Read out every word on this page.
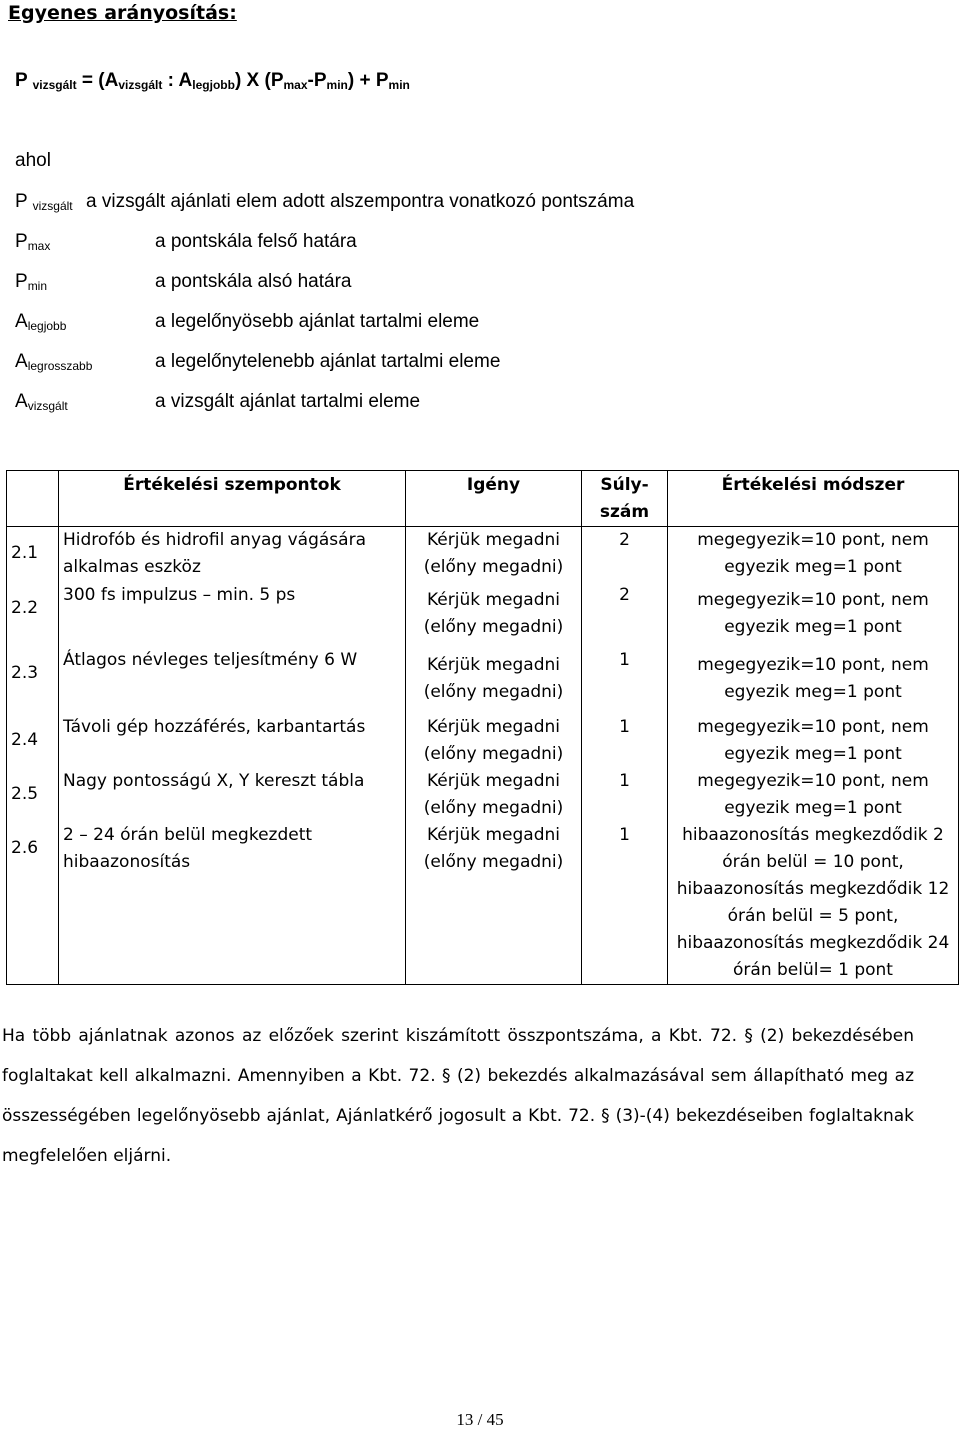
Egyenes arányosítás:
P $_{vizsgált} = (A_{vizsgált}$ : $A_{legjobb}$) X $(P_{max}-P_{min}) + P_{min}$
ahol
P $_{vizsgált}$ a vizsgált ajánlati elem adott alszempontra vonatkozó pontszáma
$P_{max}$	a pontskála felső határa
$P_{min}$	a pontskála alsó határa
$A_{legjobb}$	a legelőnyösebb ajánlat tartalmi eleme
$A_{legrosszabb}$	a legelőnytelenebb ajánlat tartalmi eleme
$A_{vizsgált}$	a vizsgált ajánlat tartalmi eleme
	Értékelési szempontok	Igény	Súly-szám	Értékelési módszer
2.1	Hidrofób és hidrofil anyag vágására alkalmas eszköz	Kérjük megadni (előny megadni)	2	megegyezik=10 pont, nem egyezik meg=1 pont
2.2	300 fs impulzus – min. 5 ps	Kérjük megadni (előny megadni)	2	megegyezik=10 pont, nem egyezik meg=1 pont
2.3	Átlagos névleges teljesítmény 6 W	Kérjük megadni (előny megadni)	1	megegyezik=10 pont, nem egyezik meg=1 pont
2.4	Távoli gép hozzáférés, karbantartás	Kérjük megadni (előny megadni)	1	megegyezik=10 pont, nem egyezik meg=1 pont
2.5	Nagy pontosságú X, Y kereszt tábla	Kérjük megadni (előny megadni)	1	megegyezik=10 pont, nem egyezik meg=1 pont
2.6	2 – 24 órán belül megkezdett hibaazonosítás	Kérjük megadni (előny megadni)	1	hibaazonosítás megkezdődik 2 órán belül = 10 pont, hibaazonosítás megkezdődik 12 órán belül = 5 pont, hibaazonosítás megkezdődik 24 órán belül= 1 pont
Ha több ajánlatnak azonos az előzőek szerint kiszámított összpontszáma, a Kbt. 72. § (2) bekezdésében foglaltakat kell alkalmazni. Amennyiben a Kbt. 72. § (2) bekezdés alkalmazásával sem állapítható meg az összességében legelőnyösebb ajánlat, Ajánlatkérő jogosult a Kbt. 72. § (3)-(4) bekezdéseiben foglaltaknak megfelelően eljárni.
13 / 45
